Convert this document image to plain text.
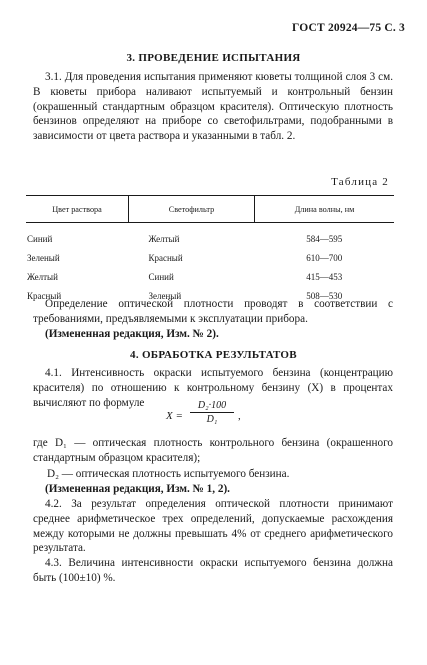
ГОСТ 20924—75 С. 3
3. ПРОВЕДЕНИЕ ИСПЫТАНИЯ
3.1. Для проведения испытания применяют кюветы толщиной слоя 3 см. В кюветы прибора наливают испытуемый и контрольный бензин (окрашенный стандартным образцом красителя). Оптическую плотность бензинов определяют на приборе со светофильтрами, подобранными в зависимости от цвета раствора и указанными в табл. 2.
Таблица 2
Цвет раствора	Светофильтр	Длина волны, нм
Синий	Желтый	584—595
Зеленый	Красный	610—700
Желтый	Синий	415—453
Красный	Зеленый	508—530
Определение оптической плотности проводят в соответствии с требованиями, предъявляемыми к эксплуатации прибора.
(Измененная редакция, Изм. № 2).
4. ОБРАБОТКА РЕЗУЛЬТАТОВ
4.1. Интенсивность окраски испытуемого бензина (концентрацию красителя) по отношению к контрольному бензину (X) в процентах вычисляют по формуле
X =
D₂·100
D₁	,
где D₁ — оптическая плотность контрольного бензина (окрашенного стандартным образцом красителя);
D₂ — оптическая плотность испытуемого бензина.
(Измененная редакция, Изм. № 1, 2).
4.2. За результат определения оптической плотности принимают среднее арифметическое трех определений, допускаемые расхождения между которыми не должны превышать 4% от среднего арифметического результата.
4.3. Величина интенсивности окраски испытуемого бензина должна быть (100±10) %.
